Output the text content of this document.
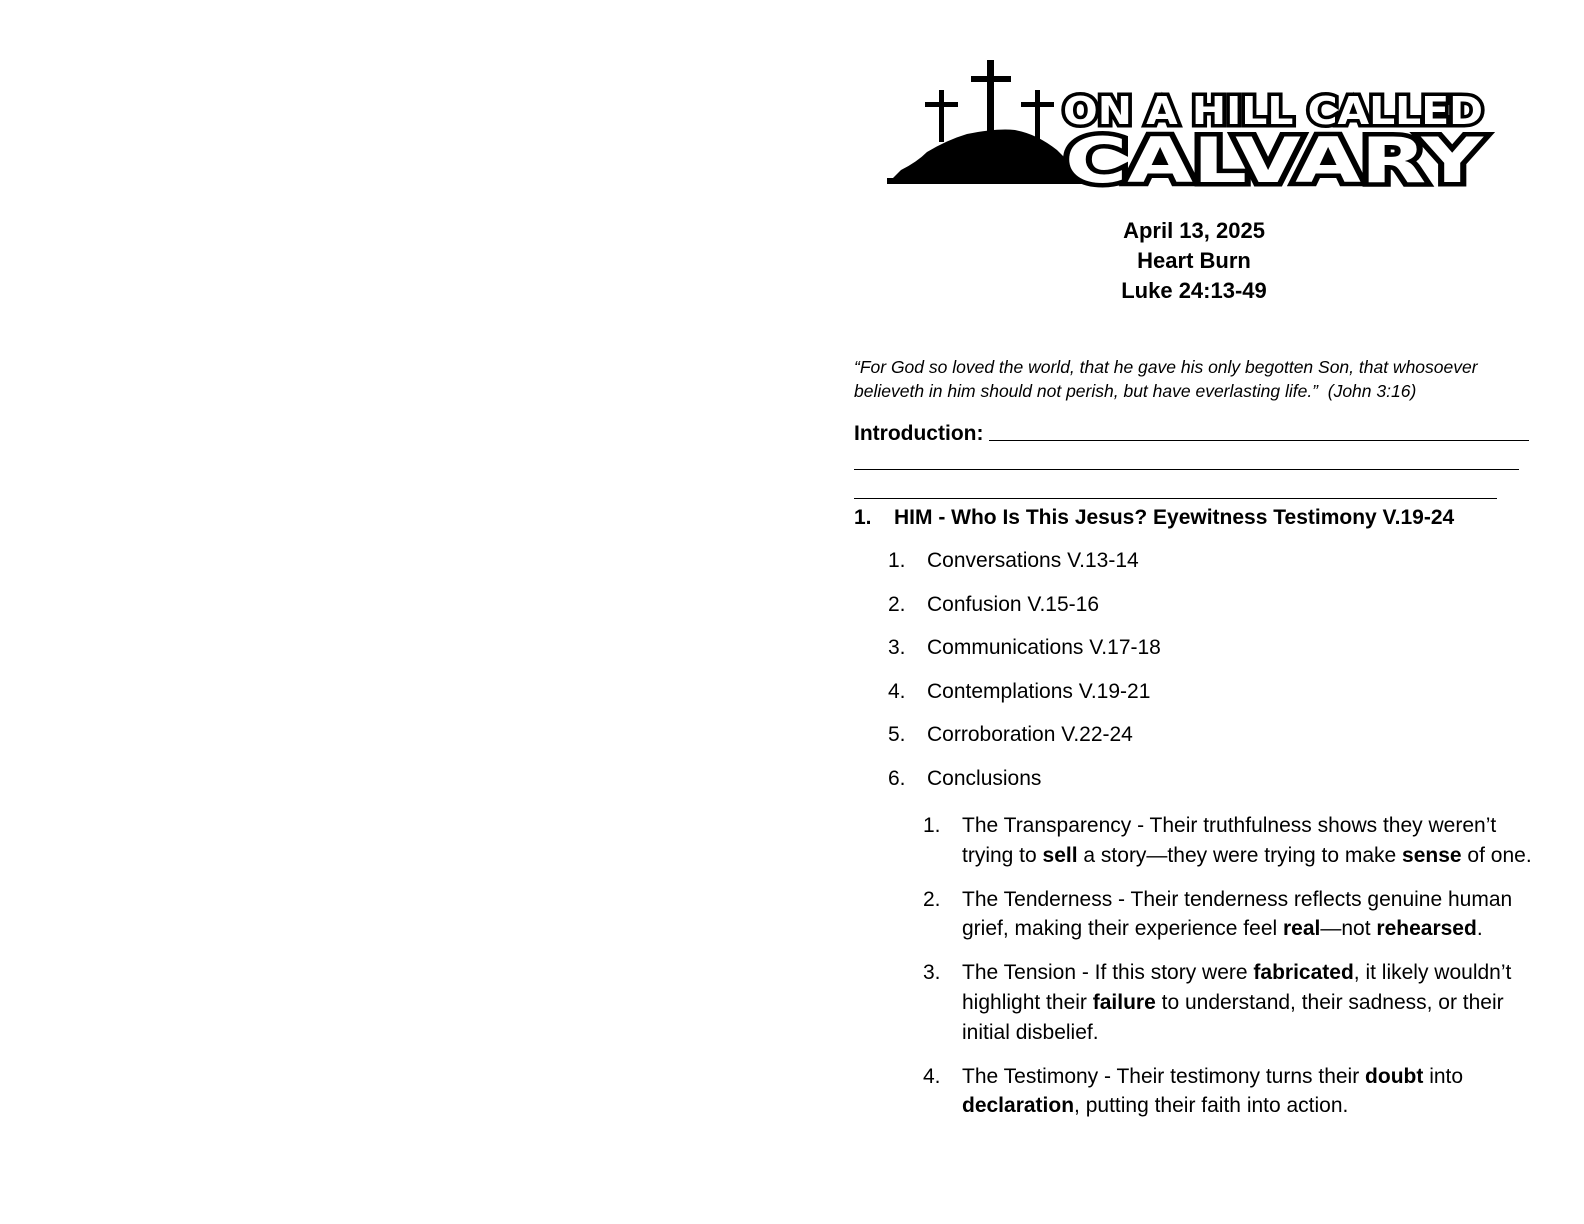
ON A HILL CALLED
CALVARY
April 13, 2025
Heart Burn
Luke 24:13-49
“For God so loved the world, that he gave his only begotten Son, that whosoever believeth in him should not perish, but have everlasting life.” (John 3:16)
Introduction:
1. HIM - Who Is This Jesus? Eyewitness Testimony V.19-24
1.	Conversations V.13-14
2.	Confusion V.15-16
3.	Communications V.17-18
4.	Contemplations V.19-21
5.	Corroboration V.22-24
6.	Conclusions
1.	The Transparency - Their truthfulness shows they weren’t trying to sell a story—they were trying to make sense of one.
2.	The Tenderness - Their tenderness reflects genuine human grief, making their experience feel real—not rehearsed.
3.	The Tension - If this story were fabricated, it likely wouldn’t highlight their failure to understand, their sadness, or their initial disbelief.
4.	The Testimony - Their testimony turns their doubt into declaration, putting their faith into action.
